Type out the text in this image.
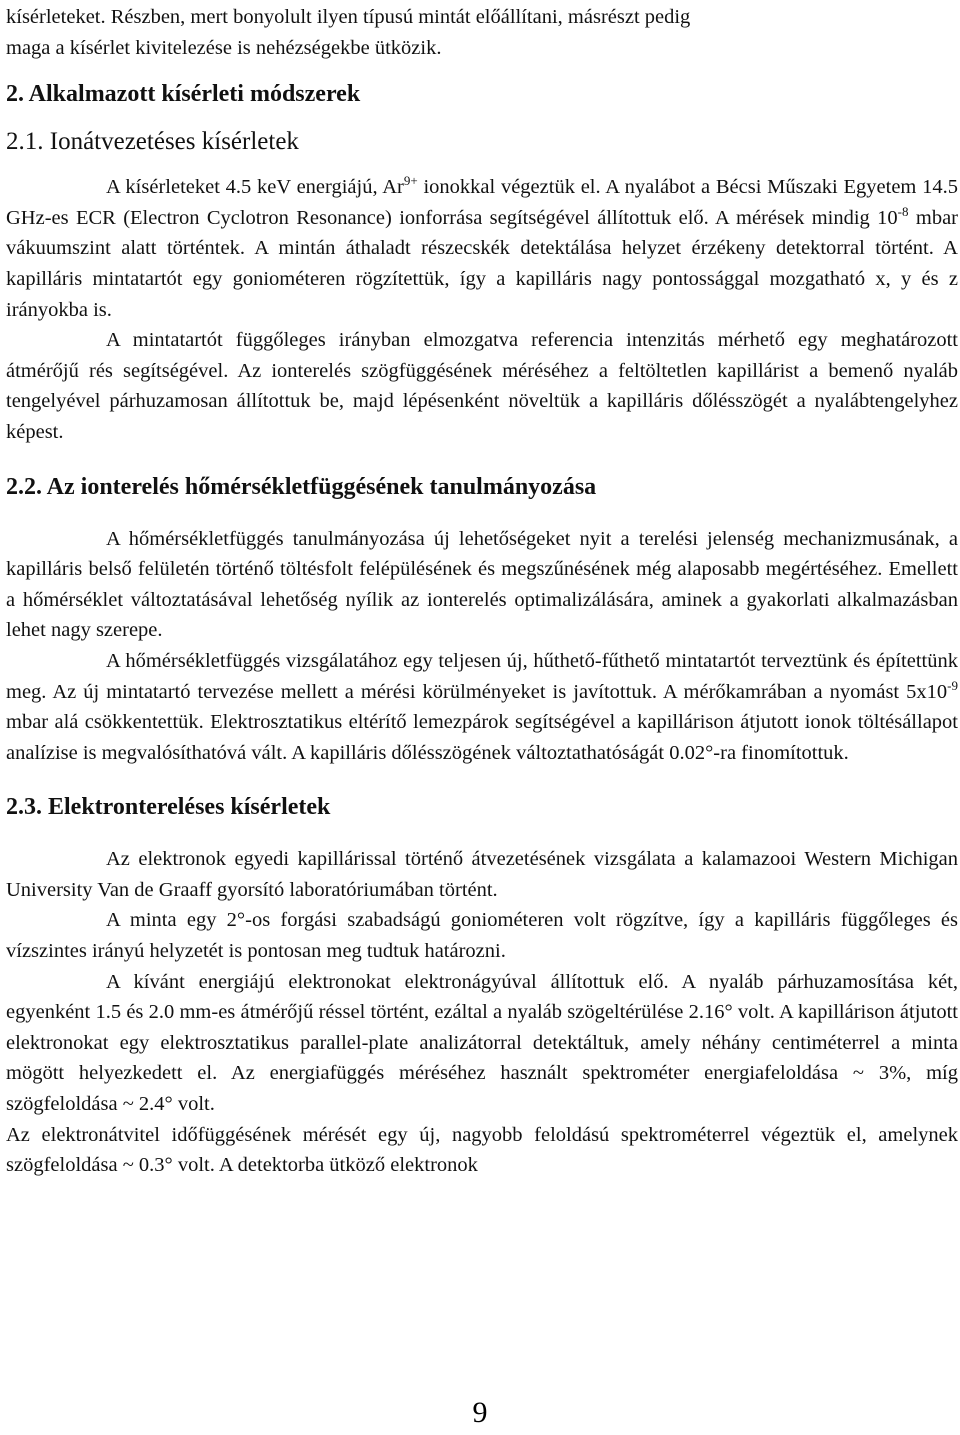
kísérleteket. Részben, mert bonyolult ilyen típusú mintát előállítani, másrészt pedig

maga a kísérlet kivitelezése is nehézségekbe ütközik.

2. Alkalmazott kísérleti módszerek
2.1. Ionátvezetéses kísérletek

A kísérleteket 4.5 keV energiájú, $Ar^{9+}$ ionokkal végeztük el. A nyalábot a Bécsi Műszaki Egyetem 14.5 GHz-es ECR (Electron Cyclotron Resonance) ionforrása segítségével állítottuk elő. A mérések mindig $10^{-8}$ mbar vákuumszint alatt történtek. A mintán áthaladt részecskék detektálása helyzet érzékeny detektorral történt. A kapilláris mintatartót egy goniométeren rögzítettük, így a kapilláris nagy pontossággal mozgatható x, y és z irányokba is.

A mintatartót függőleges irányban elmozgatva referencia intenzitás mérhető egy meghatározott átmérőjű rés segítségével. Az ionterelés szögfüggésének méréséhez a feltöltetlen kapillárist a bemenő nyaláb tengelyével párhuzamosan állítottuk be, majd lépésenként növeltük a kapilláris dőlésszögét a nyalábtengelyhez képest.

2.2. Az ionterelés hőmérsékletfüggésének tanulmányozása

A hőmérsékletfüggés tanulmányozása új lehetőségeket nyit a terelési jelenség mechanizmusának, a kapilláris belső felületén történő töltésfolt felépülésének és megszűnésének még alaposabb megértéséhez. Emellett a hőmérséklet változtatásával lehetőség nyílik az ionterelés optimalizálására, aminek a gyakorlati alkalmazásban lehet nagy szerepe.

A hőmérsékletfüggés vizsgálatához egy teljesen új, hűthető-fűthető mintatartót terveztünk és építettünk meg. Az új mintatartó tervezése mellett a mérési körülményeket is javítottuk. A mérőkamrában a nyomást $5x10^{-9}$ mbar alá csökkentettük. Elektrosztatikus eltérítő lemezpárok segítségével a kapillárison átjutott ionok töltésállapot analízise is megvalósíthatóvá vált. A kapilláris dőlésszögének változtathatóságát 0.02°-ra finomítottuk.

2.3. Elektrontereléses kísérletek

Az elektronok egyedi kapillárissal történő átvezetésének vizsgálata a kalamazooi Western Michigan University Van de Graaff gyorsító laboratóriumában történt.

A minta egy 2°-os forgási szabadságú goniométeren volt rögzítve, így a kapilláris függőleges és vízszintes irányú helyzetét is pontosan meg tudtuk határozni.

A kívánt energiájú elektronokat elektronágyúval állítottuk elő. A nyaláb párhuzamosítása két, egyenként 1.5 és 2.0 mm-es átmérőjű réssel történt, ezáltal a nyaláb szögeltérülése 2.16° volt. A kapillárison átjutott elektronokat egy elektrosztatikus parallel-plate analizátorral detektáltuk, amely néhány centiméterrel a minta mögött helyezkedett el. Az energiafüggés méréséhez használt spektrométer energiafeloldása ~ 3%, míg szögfeloldása ~ 2.4° volt.

Az elektronátvitel időfüggésének mérését egy új, nagyobb feloldású spektrométerrel végeztük el, amelynek szögfeloldása ~ 0.3° volt. A detektorba ütköző elektronok

9
